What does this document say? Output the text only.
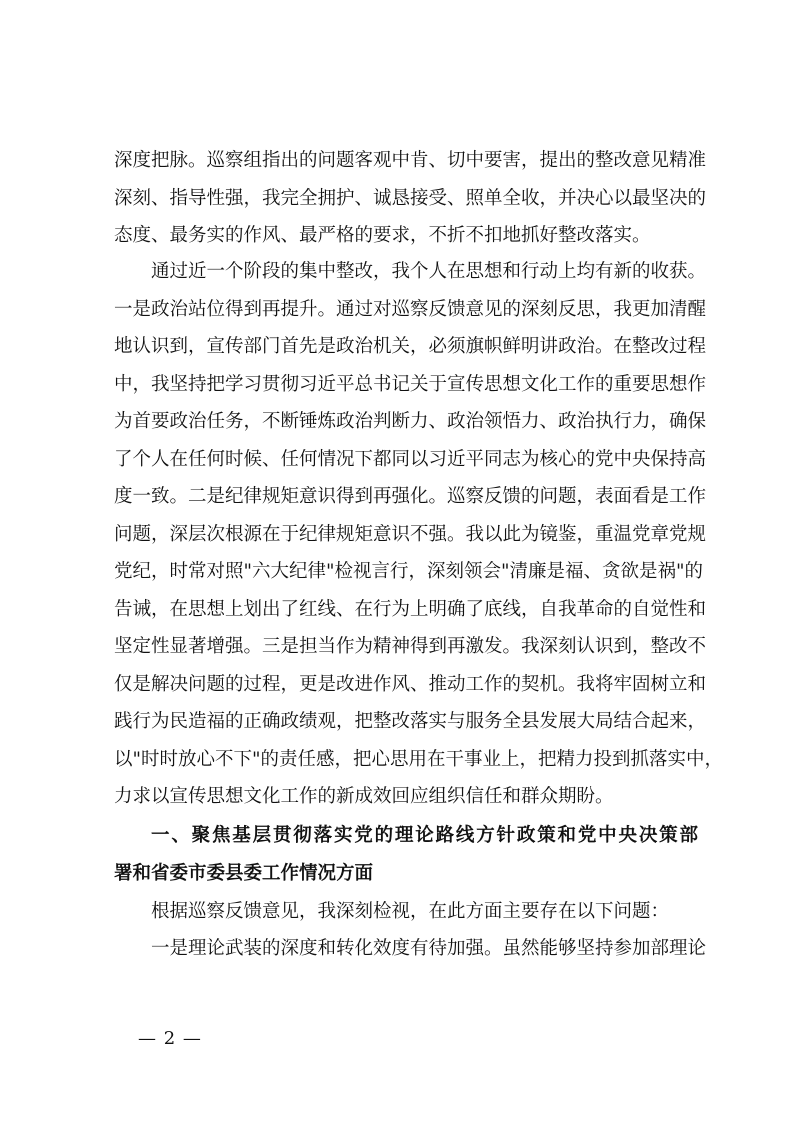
深度把脉。巡察组指出的问题客观中肯、切中要害，提出的整改意见精准
深刻、指导性强，我完全拥护、诚恳接受、照单全收，并决心以最坚决的
态度、最务实的作风、最严格的要求，不折不扣地抓好整改落实。
通过近一个阶段的集中整改，我个人在思想和行动上均有新的收获。
一是政治站位得到再提升。通过对巡察反馈意见的深刻反思，我更加清醒
地认识到，宣传部门首先是政治机关，必须旗帜鲜明讲政治。在整改过程
中，我坚持把学习贯彻习近平总书记关于宣传思想文化工作的重要思想作
为首要政治任务，不断锤炼政治判断力、政治领悟力、政治执行力，确保
了个人在任何时候、任何情况下都同以习近平同志为核心的党中央保持高
度一致。二是纪律规矩意识得到再强化。巡察反馈的问题，表面看是工作
问题，深层次根源在于纪律规矩意识不强。我以此为镜鉴，重温党章党规
党纪，时常对照"六大纪律"检视言行，深刻领会"清廉是福、贪欲是祸"的
告诫，在思想上划出了红线、在行为上明确了底线，自我革命的自觉性和
坚定性显著增强。三是担当作为精神得到再激发。我深刻认识到，整改不
仅是解决问题的过程，更是改进作风、推动工作的契机。我将牢固树立和
践行为民造福的正确政绩观，把整改落实与服务全县发展大局结合起来，
以"时时放心不下"的责任感，把心思用在干事业上，把精力投到抓落实中，
力求以宣传思想文化工作的新成效回应组织信任和群众期盼。
一、聚焦基层贯彻落实党的理论路线方针政策和党中央决策部
署和省委市委县委工作情况方面
根据巡察反馈意见，我深刻检视，在此方面主要存在以下问题：
一是理论武装的深度和转化效度有待加强。虽然能够坚持参加部理论
— 2 —
